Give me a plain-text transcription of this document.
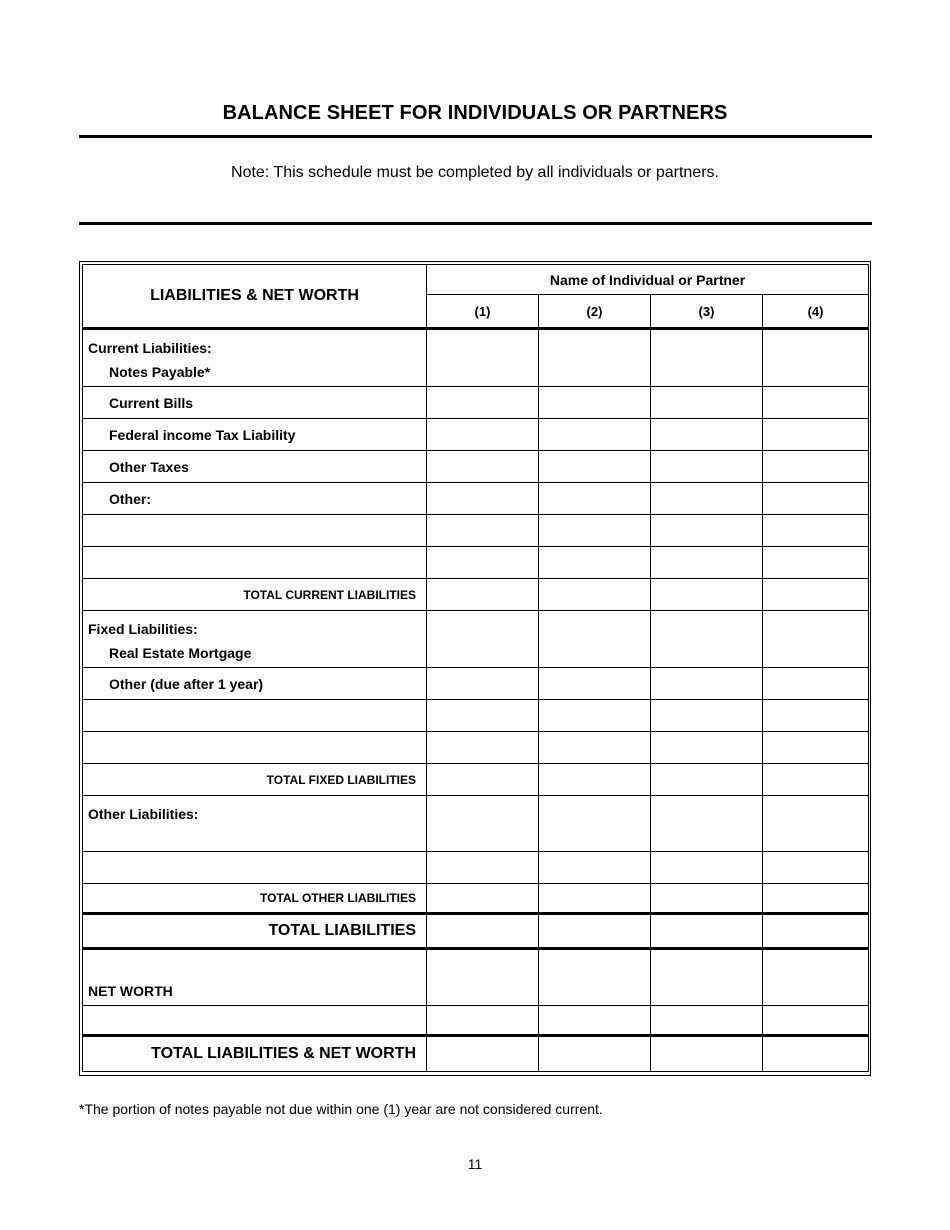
BALANCE SHEET FOR INDIVIDUALS OR PARTNERS
Note: This schedule must be completed by all individuals or partners.
LIABILITIES & NET WORTH	Name of Individual or Partner			
	(1)	(2)	(3)	(4)

Current Liabilities:
Notes Payable*				

Current Bills				
Federal income Tax Liability				
Other Taxes				
Other:				

TOTAL CURRENT LIABILITIES				

Fixed Liabilities:
Real Estate Mortgage				

Other (due after 1 year)				

TOTAL FIXED LIABILITIES				
Other Liabilities:				

TOTAL OTHER LIABILITIES				
TOTAL LIABILITIES				
NET WORTH				

TOTAL LIABILITIES & NET WORTH				
*The portion of notes payable not due within one (1) year are not considered current.
11
